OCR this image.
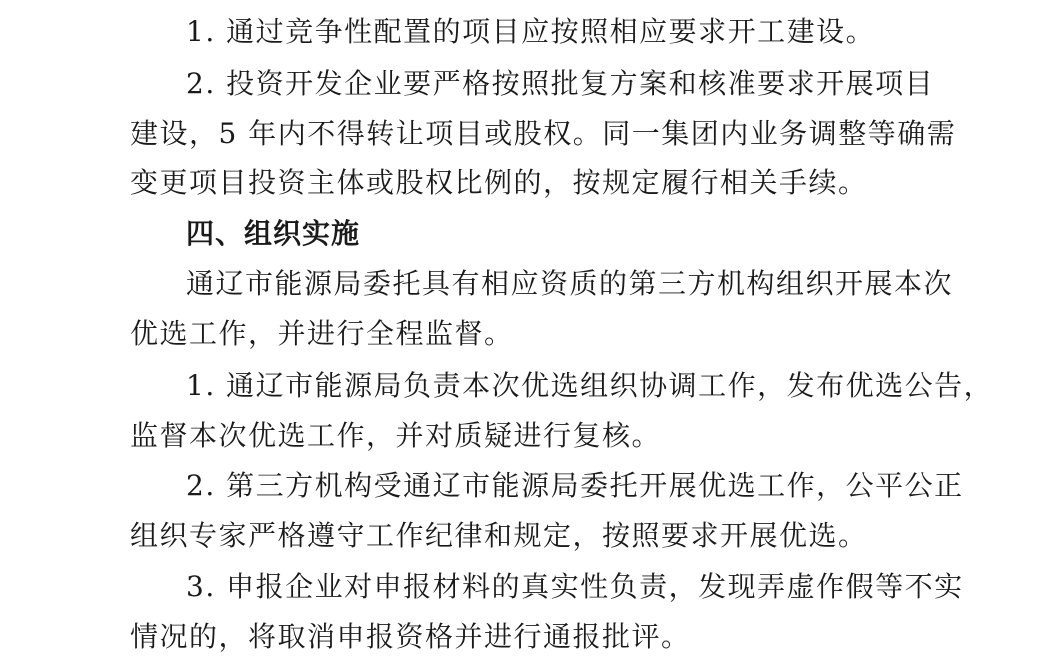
1. 通过竞争性配置的项目应按照相应要求开工建设。
2. 投资开发企业要严格按照批复方案和核准要求开展项目
建设，5 年内不得转让项目或股权。同一集团内业务调整等确需
变更项目投资主体或股权比例的，按规定履行相关手续。
四、组织实施
通辽市能源局委托具有相应资质的第三方机构组织开展本次
优选工作，并进行全程监督。
1. 通辽市能源局负责本次优选组织协调工作，发布优选公告，
监督本次优选工作，并对质疑进行复核。
2. 第三方机构受通辽市能源局委托开展优选工作，公平公正
组织专家严格遵守工作纪律和规定，按照要求开展优选。
3. 申报企业对申报材料的真实性负责，发现弄虚作假等不实
情况的，将取消申报资格并进行通报批评。
